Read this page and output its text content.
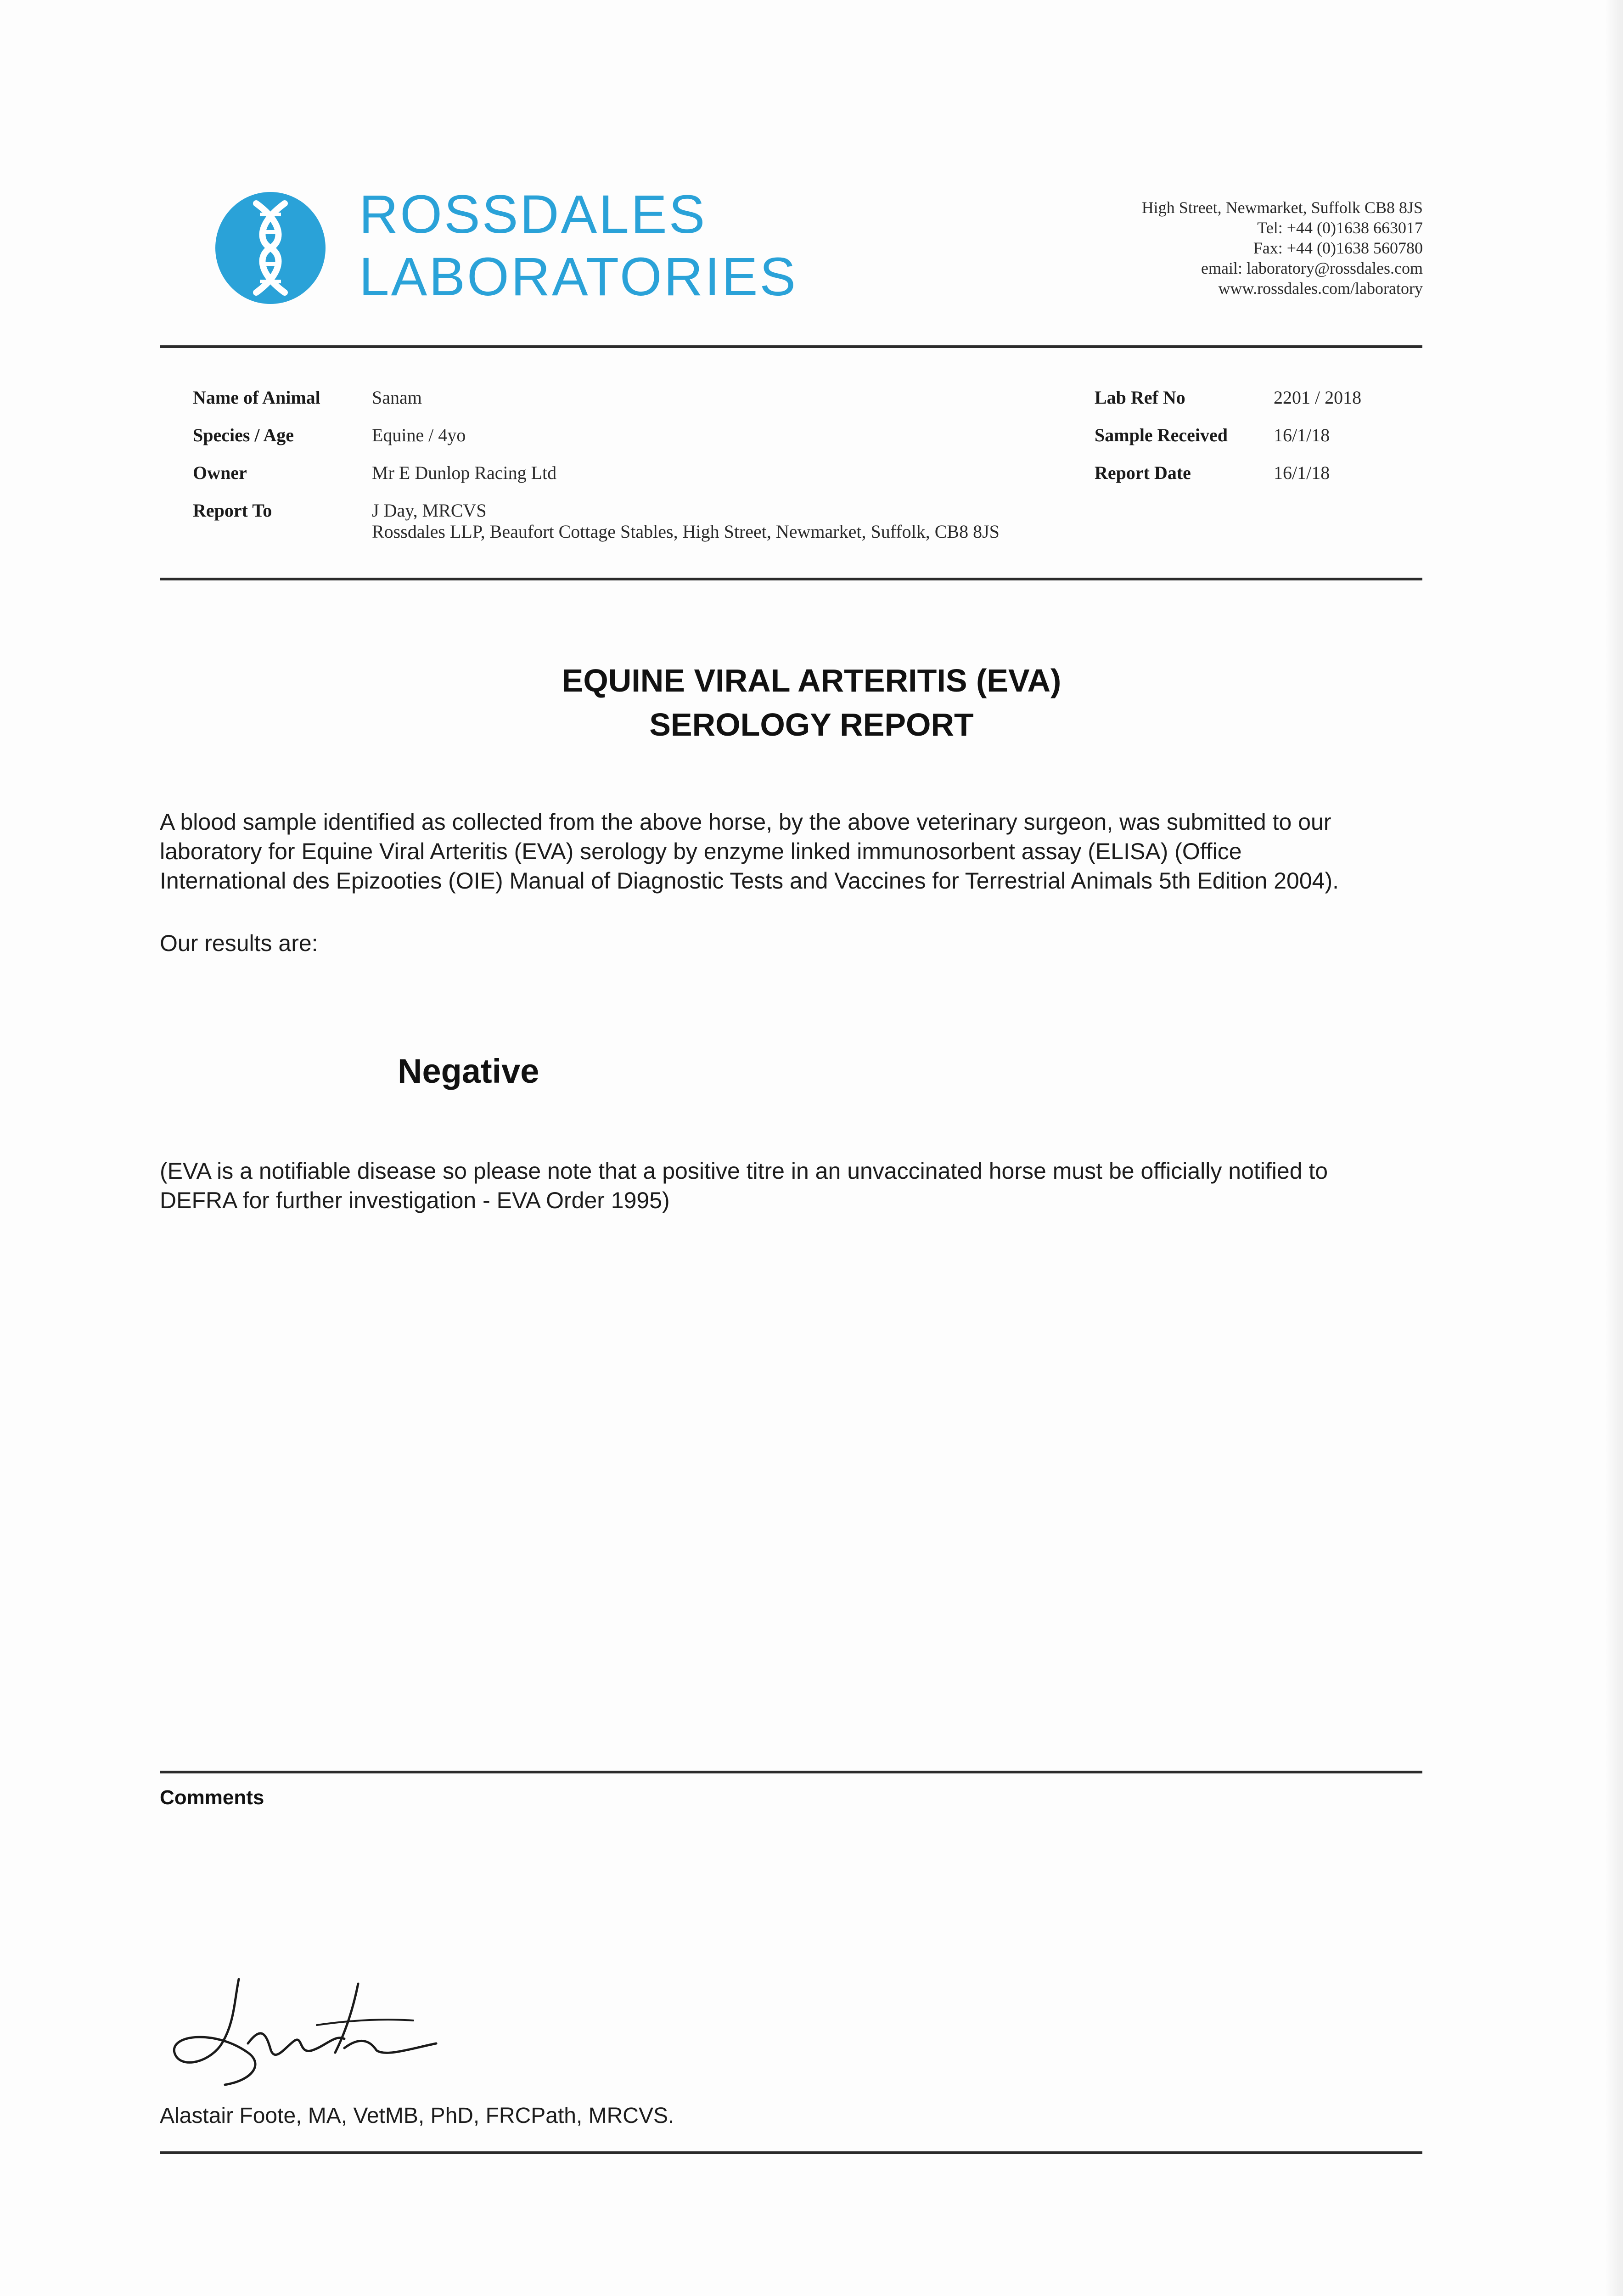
ROSSDALES
LABORATORIES
High Street, Newmarket, Suffolk CB8 8JS
Tel: +44 (0)1638 663017
Fax: +44 (0)1638 560780
email: laboratory@rossdales.com
www.rossdales.com/laboratory
Name of Animal	Sanam
Species / Age	Equine / 4yo
Owner	Mr E Dunlop Racing Ltd
Report To	J Day, MRCVS
Rossdales LLP, Beaufort Cottage Stables, High Street, Newmarket, Suffolk, CB8 8JS
Lab Ref No	2201 / 2018
Sample Received	16/1/18
Report Date	16/1/18
EQUINE VIRAL ARTERITIS (EVA)
SEROLOGY REPORT
A blood sample identified as collected from the above horse, by the above veterinary surgeon, was submitted to our
laboratory for Equine Viral Arteritis (EVA) serology by enzyme linked immunosorbent assay (ELISA) (Office
International des Epizooties (OIE) Manual of Diagnostic Tests and Vaccines for Terrestrial Animals 5th Edition 2004).
Our results are:
Negative
(EVA is a notifiable disease so please note that a positive titre in an unvaccinated horse must be officially notified to
DEFRA for further investigation - EVA Order 1995)
Comments
Alastair Foote, MA, VetMB, PhD, FRCPath, MRCVS.
